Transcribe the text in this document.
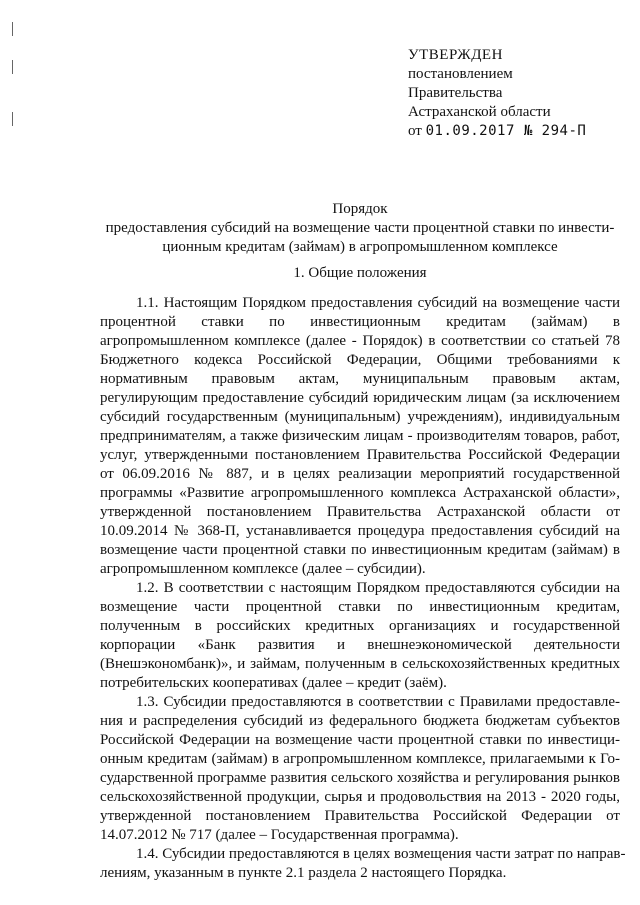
УТВЕРЖДЕН
постановлением
Правительства
Астраханской области
от 01.09.2017 № 294-П
Порядок
предоставления субсидий на возмещение части процентной ставки по инвести-
ционным кредитам (займам) в агропромышленном комплексе
1. Общие положения
1.1. Настоящим Порядком предоставления субсидий на возмещение части
процентной ставки по инвестиционным кредитам (займам) в
агропромышленном комплексе (далее - Порядок) в соответствии со статьей 78
Бюджетного кодекса Российской Федерации, Общими требованиями к
нормативным правовым актам, муниципальным правовым актам,
регулирующим предоставление субсидий юридическим лицам (за исключением
субсидий государственным (муниципальным) учреждениям), индивидуальным
предпринимателям, а также физическим лицам - производителям товаров, работ,
услуг, утвержденными постановлением Правительства Российской Федерации
от 06.09.2016 № 887, и в целях реализации мероприятий государственной
программы «Развитие агропромышленного комплекса Астраханской области»,
утвержденной постановлением Правительства Астраханской области от
10.09.2014 № 368-П, устанавливается процедура предоставления субсидий на
возмещение части процентной ставки по инвестиционным кредитам (займам) в
агропромышленном комплексе (далее – субсидии).
1.2. В соответствии с настоящим Порядком предоставляются субсидии на
возмещение части процентной ставки по инвестиционным кредитам,
полученным в российских кредитных организациях и государственной
корпорации «Банк развития и внешнеэкономической деятельности
(Внешэкономбанк)», и займам, полученным в сельскохозяйственных кредитных
потребительских кооперативах (далее – кредит (заём).
1.3. Субсидии предоставляются в соответствии с Правилами предоставле-
ния и распределения субсидий из федерального бюджета бюджетам субъектов
Российской Федерации на возмещение части процентной ставки по инвестици-
онным кредитам (займам) в агропромышленном комплексе, прилагаемыми к Го-
сударственной программе развития сельского хозяйства и регулирования рынков
сельскохозяйственной продукции, сырья и продовольствия на 2013 - 2020 годы,
утвержденной постановлением Правительства Российской Федерации от
14.07.2012 № 717 (далее – Государственная программа).
1.4. Субсидии предоставляются в целях возмещения части затрат по направ-
лениям, указанным в пункте 2.1 раздела 2 настоящего Порядка.
